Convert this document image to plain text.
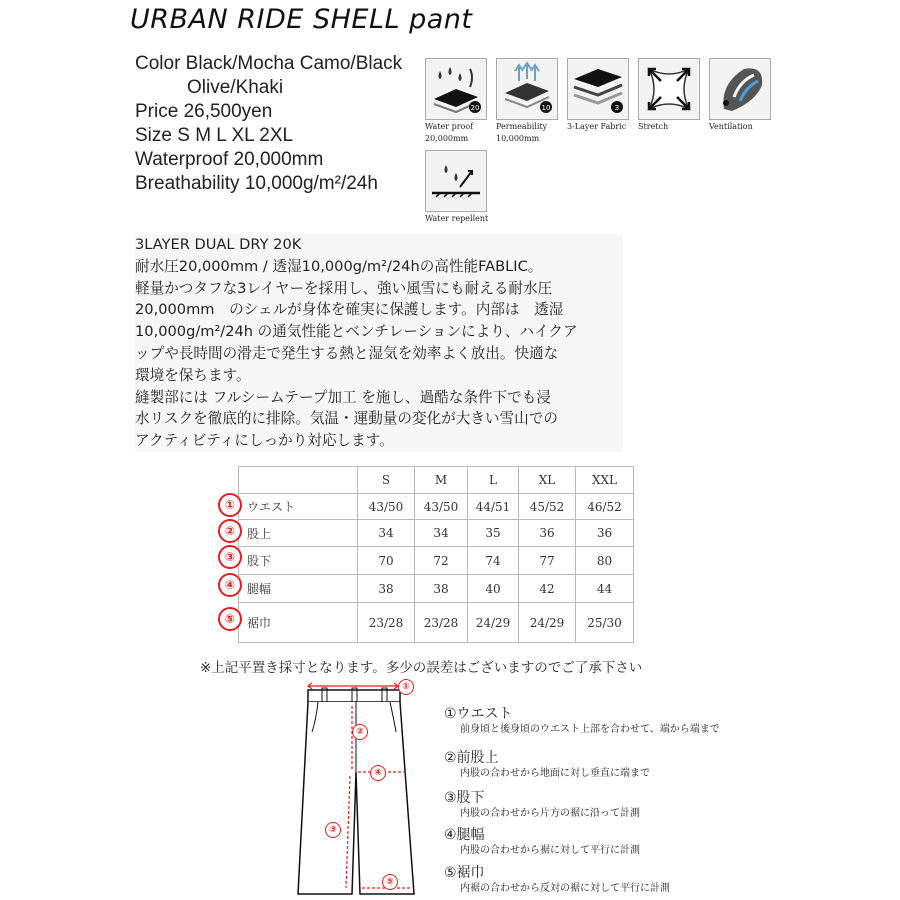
URBAN RIDE SHELL pant
Color Black/Mocha Camo/Black
Olive/Khaki
Price 26,500yen
Size S M L XL 2XL
Waterproof 20,000mm
Breathability 10,000g/m²/24h
20
Water proof
20,000mm
10
Permeability
10,000mm
3
3-Layer Fabric	Stretch	Ventilation
Water repellent
3LAYER DUAL DRY 20K
耐水圧20,000mm / 透湿10,000g/m²/24hの高性能FABLIC。
軽量かつタフな3レイヤーを採用し、強い風雪にも耐える耐水圧
20,000mm　のシェルが身体を確実に保護します。内部は　透湿
10,000g/m²/24h の通気性能とベンチレーションにより、ハイクア
ップや長時間の滑走で発生する熱と湿気を効率よく放出。快適な
環境を保ちます。
縫製部には フルシームテープ加工 を施し、過酷な条件下でも浸
水リスクを徹底的に排除。気温・運動量の変化が大きい雪山での
アクティビティにしっかり対応します。
	S	M	L	XL	XXL
ウエスト	43/50	43/50	44/51	45/52	46/52
股上	34	34	35	36	36
股下	70	72	74	77	80
腿幅	38	38	40	42	44
裾巾	23/28	23/28	24/29	24/29	25/30
①
②
③
④
⑤
※上記平置き採寸となります。多少の誤差はございますのでご了承下さい
①
②
③
④
⑤
①ウエスト
前身頃と後身頃のウエスト上部を合わせて、端から端まで
②前股上
内股の合わせから地面に対し垂直に端まで
③股下
内股の合わせから片方の裾に沿って計測
④腿幅
内股の合わせから裾に対して平行に計測
⑤裾巾
内裾の合わせから反対の裾に対して平行に計測
